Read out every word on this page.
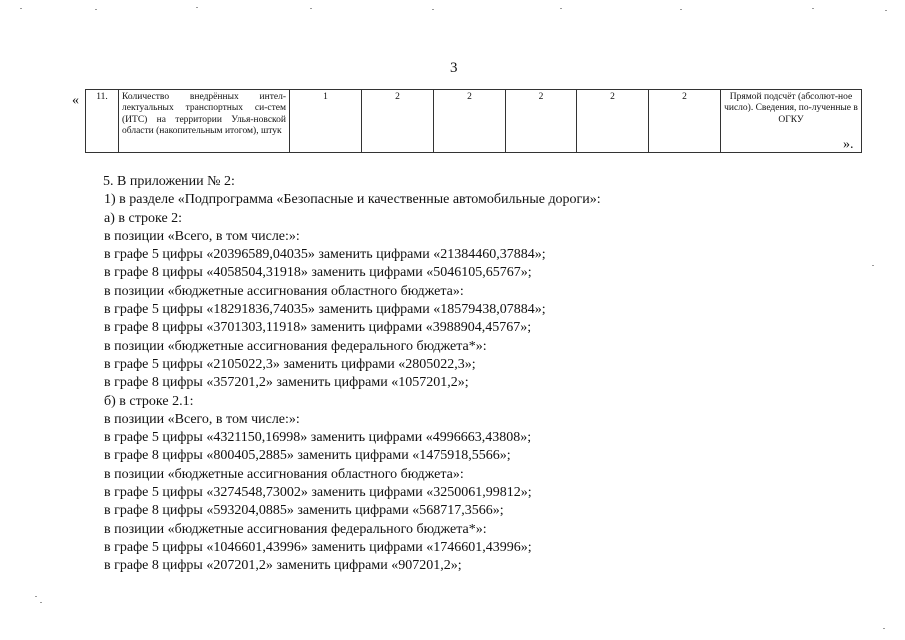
3
« 11.	Количество внедрённых интел-лектуальных транспортных си-стем (ИТС) на территории Улья-новской области (накопительным итогом), штук	1	2	2	2	2	2	Прямой подсчёт (абсолют-ное число). Сведения, по-лученные в ОГКУ
».
5. В приложении № 2:
1) в разделе «Подпрограмма «Безопасные и качественные автомобильные дороги»:
а) в строке 2:
в позиции «Всего, в том числе:»:
в графе 5 цифры «20396589,04035» заменить цифрами «21384460,37884»;
в графе 8 цифры «4058504,31918» заменить цифрами «5046105,65767»;
в позиции «бюджетные ассигнования областного бюджета»:
в графе 5 цифры «18291836,74035» заменить цифрами «18579438,07884»;
в графе 8 цифры «3701303,11918» заменить цифрами «3988904,45767»;
в позиции «бюджетные ассигнования федерального бюджета*»:
в графе 5 цифры «2105022,3» заменить цифрами «2805022,3»;
в графе 8 цифры «357201,2» заменить цифрами «1057201,2»;
б) в строке 2.1:
в позиции «Всего, в том числе:»:
в графе 5 цифры «4321150,16998» заменить цифрами «4996663,43808»;
в графе 8 цифры «800405,2885» заменить цифрами «1475918,5566»;
в позиции «бюджетные ассигнования областного бюджета»:
в графе 5 цифры «3274548,73002» заменить цифрами «3250061,99812»;
в графе 8 цифры «593204,0885» заменить цифрами «568717,3566»;
в позиции «бюджетные ассигнования федерального бюджета*»:
в графе 5 цифры «1046601,43996» заменить цифрами «1746601,43996»;
в графе 8 цифры «207201,2» заменить цифрами «907201,2»;
